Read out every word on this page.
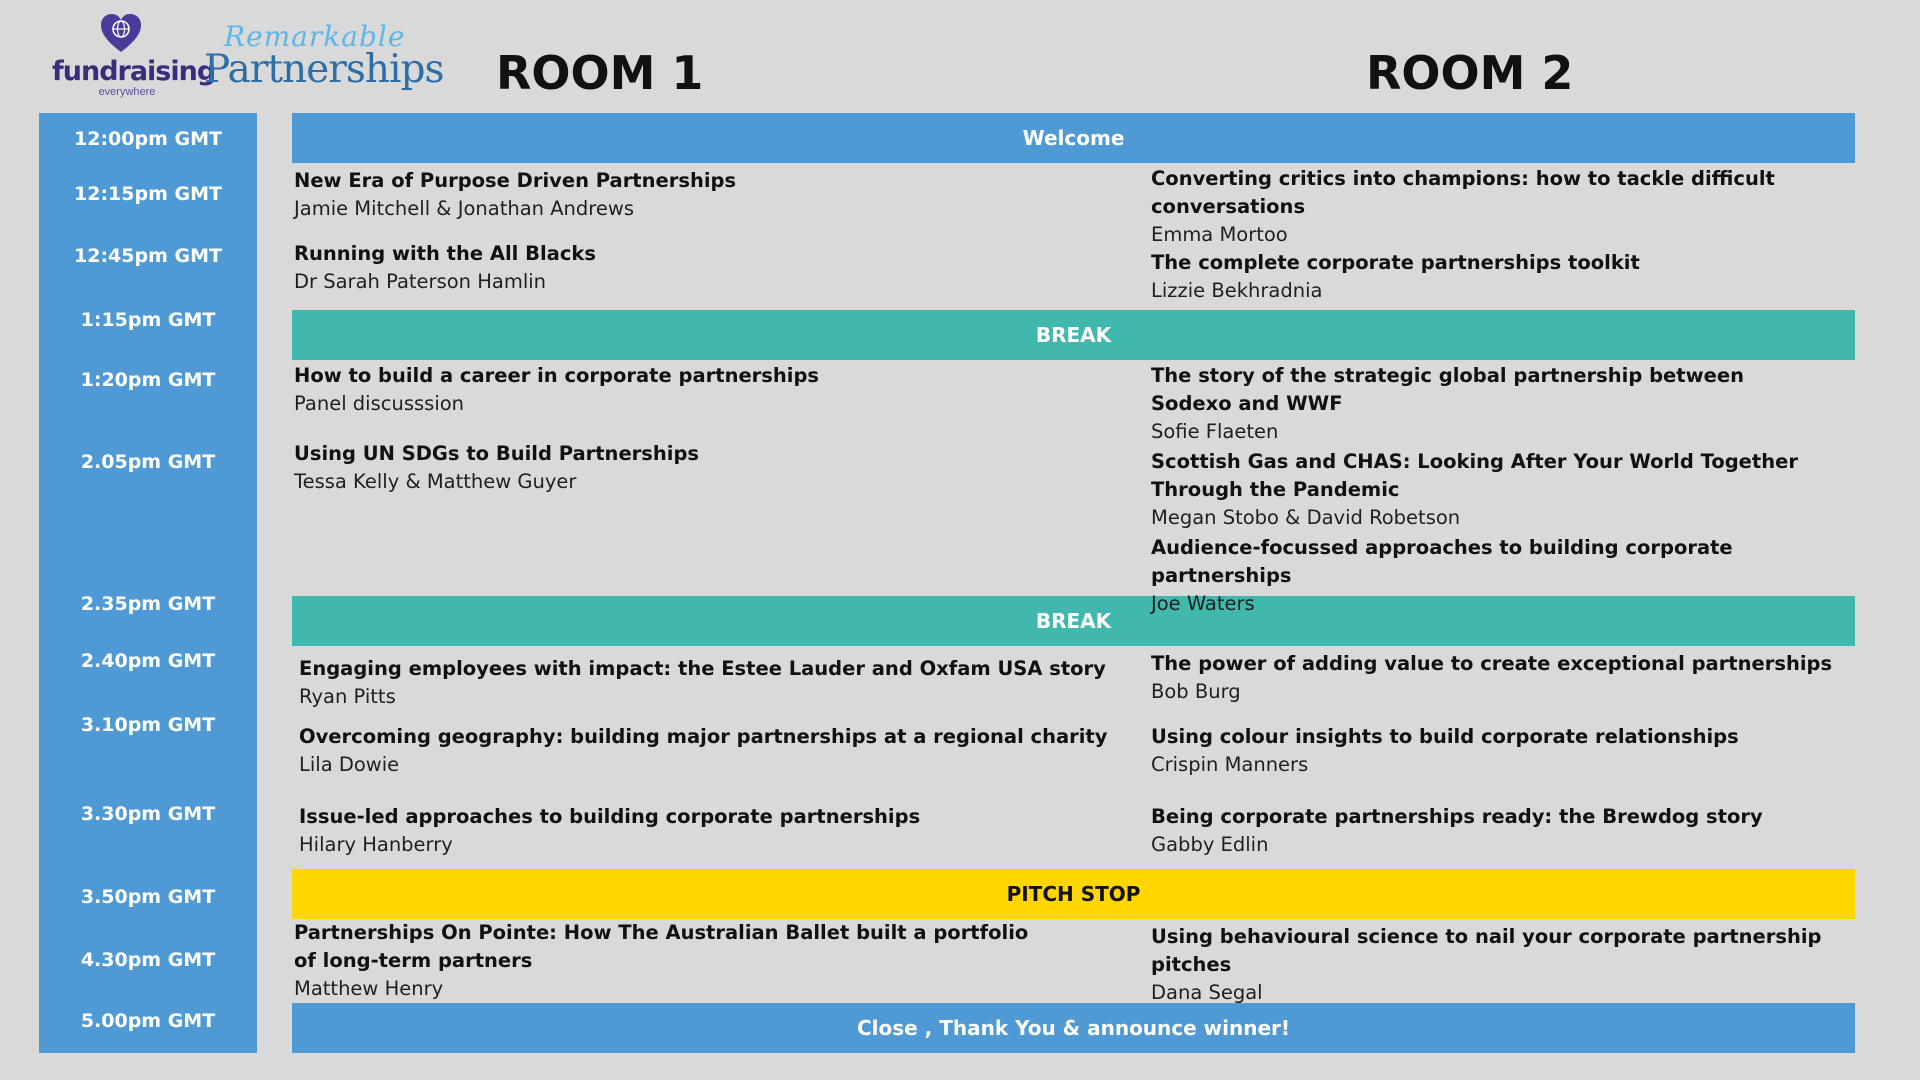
fundraising
everywhere
Remarkable
Partnerships ROOM 1	ROOM 2
12:00pm GMT
12:15pm GMT
12:45pm GMT
1:15pm GMT
1:20pm GMT
2.05pm GMT
2.35pm GMT
2.40pm GMT
3.10pm GMT
3.30pm GMT
3.50pm GMT
4.30pm GMT
5.00pm GMT
Welcome
BREAK
BREAK
PITCH STOP
Close , Thank You & announce winner!
New Era of Purpose Driven Partnerships
Jamie Mitchell & Jonathan Andrews
Running with the All Blacks
Dr Sarah Paterson Hamlin
How to build a career in corporate partnerships
Panel discusssion
Using UN SDGs to Build Partnerships
Tessa Kelly & Matthew Guyer
Engaging employees with impact: the Estee Lauder and Oxfam USA story
Ryan Pitts
Overcoming geography: building major partnerships at a regional charity
Lila Dowie
Issue-led approaches to building corporate partnerships
Hilary Hanberry
Partnerships On Pointe: How The Australian Ballet built a portfolio of long-term partners
Matthew Henry
Converting critics into champions: how to tackle difficult conversations
Emma Mortoo
The complete corporate partnerships toolkit
Lizzie Bekhradnia
The story of the strategic global partnership between Sodexo and WWF
Sofie Flaeten
Scottish Gas and CHAS: Looking After Your World Together Through the Pandemic
Megan Stobo & David Robetson
Audience-focussed approaches to building corporate partnerships
Joe Waters
The power of adding value to create exceptional partnerships
Bob Burg
Using colour insights to build corporate relationships
Crispin Manners
Being corporate partnerships ready: the Brewdog story
Gabby Edlin
Using behavioural science to nail your corporate partnership pitches
Dana Segal
